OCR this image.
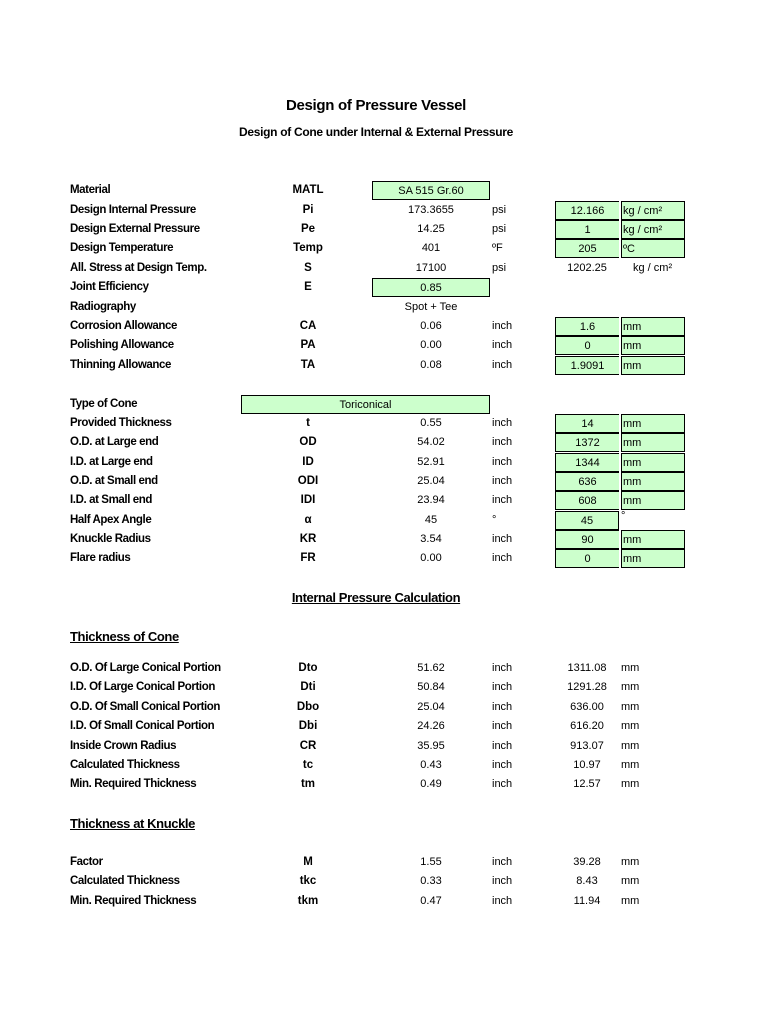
Design of Pressure Vessel
Design of Cone under Internal & External Pressure
Material	MATL	SA 515 Gr.60
Design Internal Pressure	Pi	173.3655	psi	12.166	kg / cm²
Design External Pressure	Pe	14.25	psi	1	kg / cm²
Design Temperature	Temp	401	ºF	205	ºC
All. Stress at Design Temp.	S	17100	psi	1202.25	kg / cm²
Joint Efficiency	E	0.85
Radiography	Spot + Tee
Corrosion Allowance	CA	0.06	inch	1.6	mm
Polishing Allowance	PA	0.00	inch	0	mm
Thinning Allowance	TA	0.08	inch	1.9091	mm
Type of Cone	Toriconical
Provided Thickness	t	0.55	inch	14	mm
O.D. at Large end	OD	54.02	inch	1372	mm
I.D. at Large end	ID	52.91	inch	1344	mm
O.D. at Small end	ODI	25.04	inch	636	mm
I.D. at Small end	IDI	23.94	inch	608	mm
Half Apex Angle	α	45	°	45	°
Knuckle Radius	KR	3.54	inch	90	mm
Flare radius	FR	0.00	inch	0	mm
Internal Pressure Calculation
Thickness of Cone
O.D. Of Large Conical Portion	Dto	51.62	inch	1311.08	mm
I.D. Of Large Conical Portion	Dti	50.84	inch	1291.28	mm
O.D. Of Small Conical Portion	Dbo	25.04	inch	636.00	mm
I.D. Of Small Conical Portion	Dbi	24.26	inch	616.20	mm
Inside Crown Radius	CR	35.95	inch	913.07	mm
Calculated Thickness	tc	0.43	inch	10.97	mm
Min. Required Thickness	tm	0.49	inch	12.57	mm
Thickness at Knuckle
Factor	M	1.55	inch	39.28	mm
Calculated Thickness	tkc	0.33	inch	8.43	mm
Min. Required Thickness	tkm	0.47	inch	11.94	mm
